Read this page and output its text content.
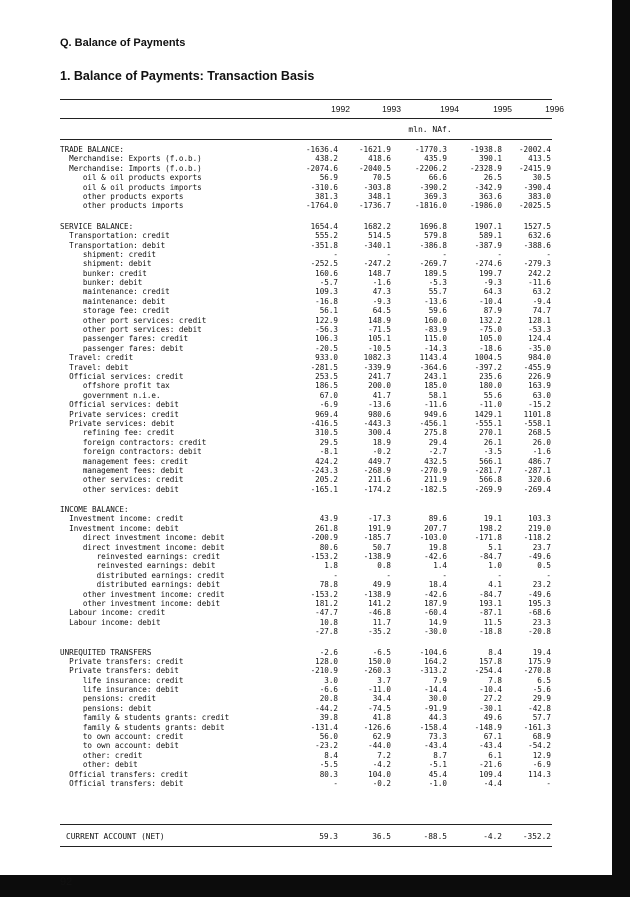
Q. Balance of Payments
1. Balance of Payments: Transaction Basis
1992	1993	1994	1995	1996
mln. NAf.
TRADE BALANCE:	-1636.4	-1621.9	-1770.3	-1938.8	-2002.4
Merchandise: Exports (f.o.b.)	438.2	418.6	435.9	390.1	413.5
Merchandise: Imports (f.o.b.)	-2074.6	-2040.5	-2206.2	-2328.9	-2415.9
oil & oil products exports	56.9	70.5	66.6	26.5	30.5
oil & oil products imports	-310.6	-303.8	-390.2	-342.9	-390.4
other products exports	381.3	348.1	369.3	363.6	383.0
other products imports	-1764.0	-1736.7	-1816.0	-1986.0	-2025.5
SERVICE BALANCE:	1654.4	1682.2	1696.8	1907.1	1527.5
Transportation: credit	555.2	514.5	579.8	589.1	632.6
Transportation: debit	-351.8	-340.1	-386.8	-387.9	-388.6
shipment: credit	-	-	-	-	-
shipment: debit	-252.5	-247.2	-269.7	-274.6	-279.3
bunker: credit	160.6	148.7	189.5	199.7	242.2
bunker: debit	-5.7	-1.6	-5.3	-9.3	-11.6
maintenance: credit	109.3	47.3	55.7	64.3	63.2
maintenance: debit	-16.8	-9.3	-13.6	-10.4	-9.4
storage fee: credit	56.1	64.5	59.6	87.9	74.7
other port services: credit	122.9	148.9	160.0	132.2	128.1
other port services: debit	-56.3	-71.5	-83.9	-75.0	-53.3
passenger fares: credit	106.3	105.1	115.0	105.0	124.4
passenger fares: debit	-20.5	-10.5	-14.3	-18.6	-35.0
Travel: credit	933.0	1082.3	1143.4	1004.5	984.0
Travel: debit	-281.5	-339.9	-364.6	-397.2	-455.9
Official services: credit	253.5	241.7	243.1	235.6	226.9
offshore profit tax	186.5	200.0	185.0	180.0	163.9
government n.i.e.	67.0	41.7	58.1	55.6	63.0
Official services: debit	-6.9	-13.6	-11.6	-11.0	-15.2
Private services: credit	969.4	980.6	949.6	1429.1	1101.8
Private services: debit	-416.5	-443.3	-456.1	-555.1	-558.1
refining fee: credit	310.5	300.4	275.8	270.1	268.5
foreign contractors: credit	29.5	18.9	29.4	26.1	26.0
foreign contractors: debit	-8.1	-0.2	-2.7	-3.5	-1.6
management fees: credit	424.2	449.7	432.5	566.1	486.7
management fees: debit	-243.3	-268.9	-270.9	-281.7	-287.1
other services: credit	205.2	211.6	211.9	566.8	320.6
other services: debit	-165.1	-174.2	-182.5	-269.9	-269.4
INCOME BALANCE:
Investment income: credit	43.9	-17.3	89.6	19.1	103.3
Investment income: debit	261.8	191.9	207.7	198.2	219.0
direct investment income: debit	-200.9	-185.7	-103.0	-171.8	-118.2
direct investment income: debit	80.6	50.7	19.8	5.1	23.7
reinvested earnings: credit	-153.2	-138.9	-42.6	-84.7	-49.6
reinvested earnings: debit	1.8	0.8	1.4	1.0	0.5
distributed earnings: credit	-	-	-	-	-
distributed earnings: debit	78.8	49.9	18.4	4.1	23.2
other investment income: credit	-153.2	-138.9	-42.6	-84.7	-49.6
other investment income: debit	181.2	141.2	187.9	193.1	195.3
Labour income: credit	-47.7	-46.8	-60.4	-87.1	-68.6
Labour income: debit	10.8	11.7	14.9	11.5	23.3
-27.8	-35.2	-30.0	-18.8	-20.8
UNREQUITED TRANSFERS	-2.6	-6.5	-104.6	8.4	19.4
Private transfers: credit	128.0	150.0	164.2	157.8	175.9
Private transfers: debit	-210.9	-260.3	-313.2	-254.4	-270.8
life insurance: credit	3.0	3.7	7.9	7.8	6.5
life insurance: debit	-6.6	-11.0	-14.4	-10.4	-5.6
pensions: credit	20.8	34.4	30.0	27.2	29.9
pensions: debit	-44.2	-74.5	-91.9	-30.1	-42.8
family & students grants: credit	39.8	41.8	44.3	49.6	57.7
family & students grants: debit	-131.4	-126.6	-158.4	-148.9	-161.3
to own account: credit	56.0	62.9	73.3	67.1	68.9
to own account: debit	-23.2	-44.0	-43.4	-43.4	-54.2
other: credit	8.4	7.2	8.7	6.1	12.9
other: debit	-5.5	-4.2	-5.1	-21.6	-6.9
Official transfers: credit	80.3	104.0	45.4	109.4	114.3
Official transfers: debit	-	-0.2	-1.0	-4.4	-
CURRENT ACCOUNT (NET)	59.3	36.5	-88.5	-4.2	-352.2
92
